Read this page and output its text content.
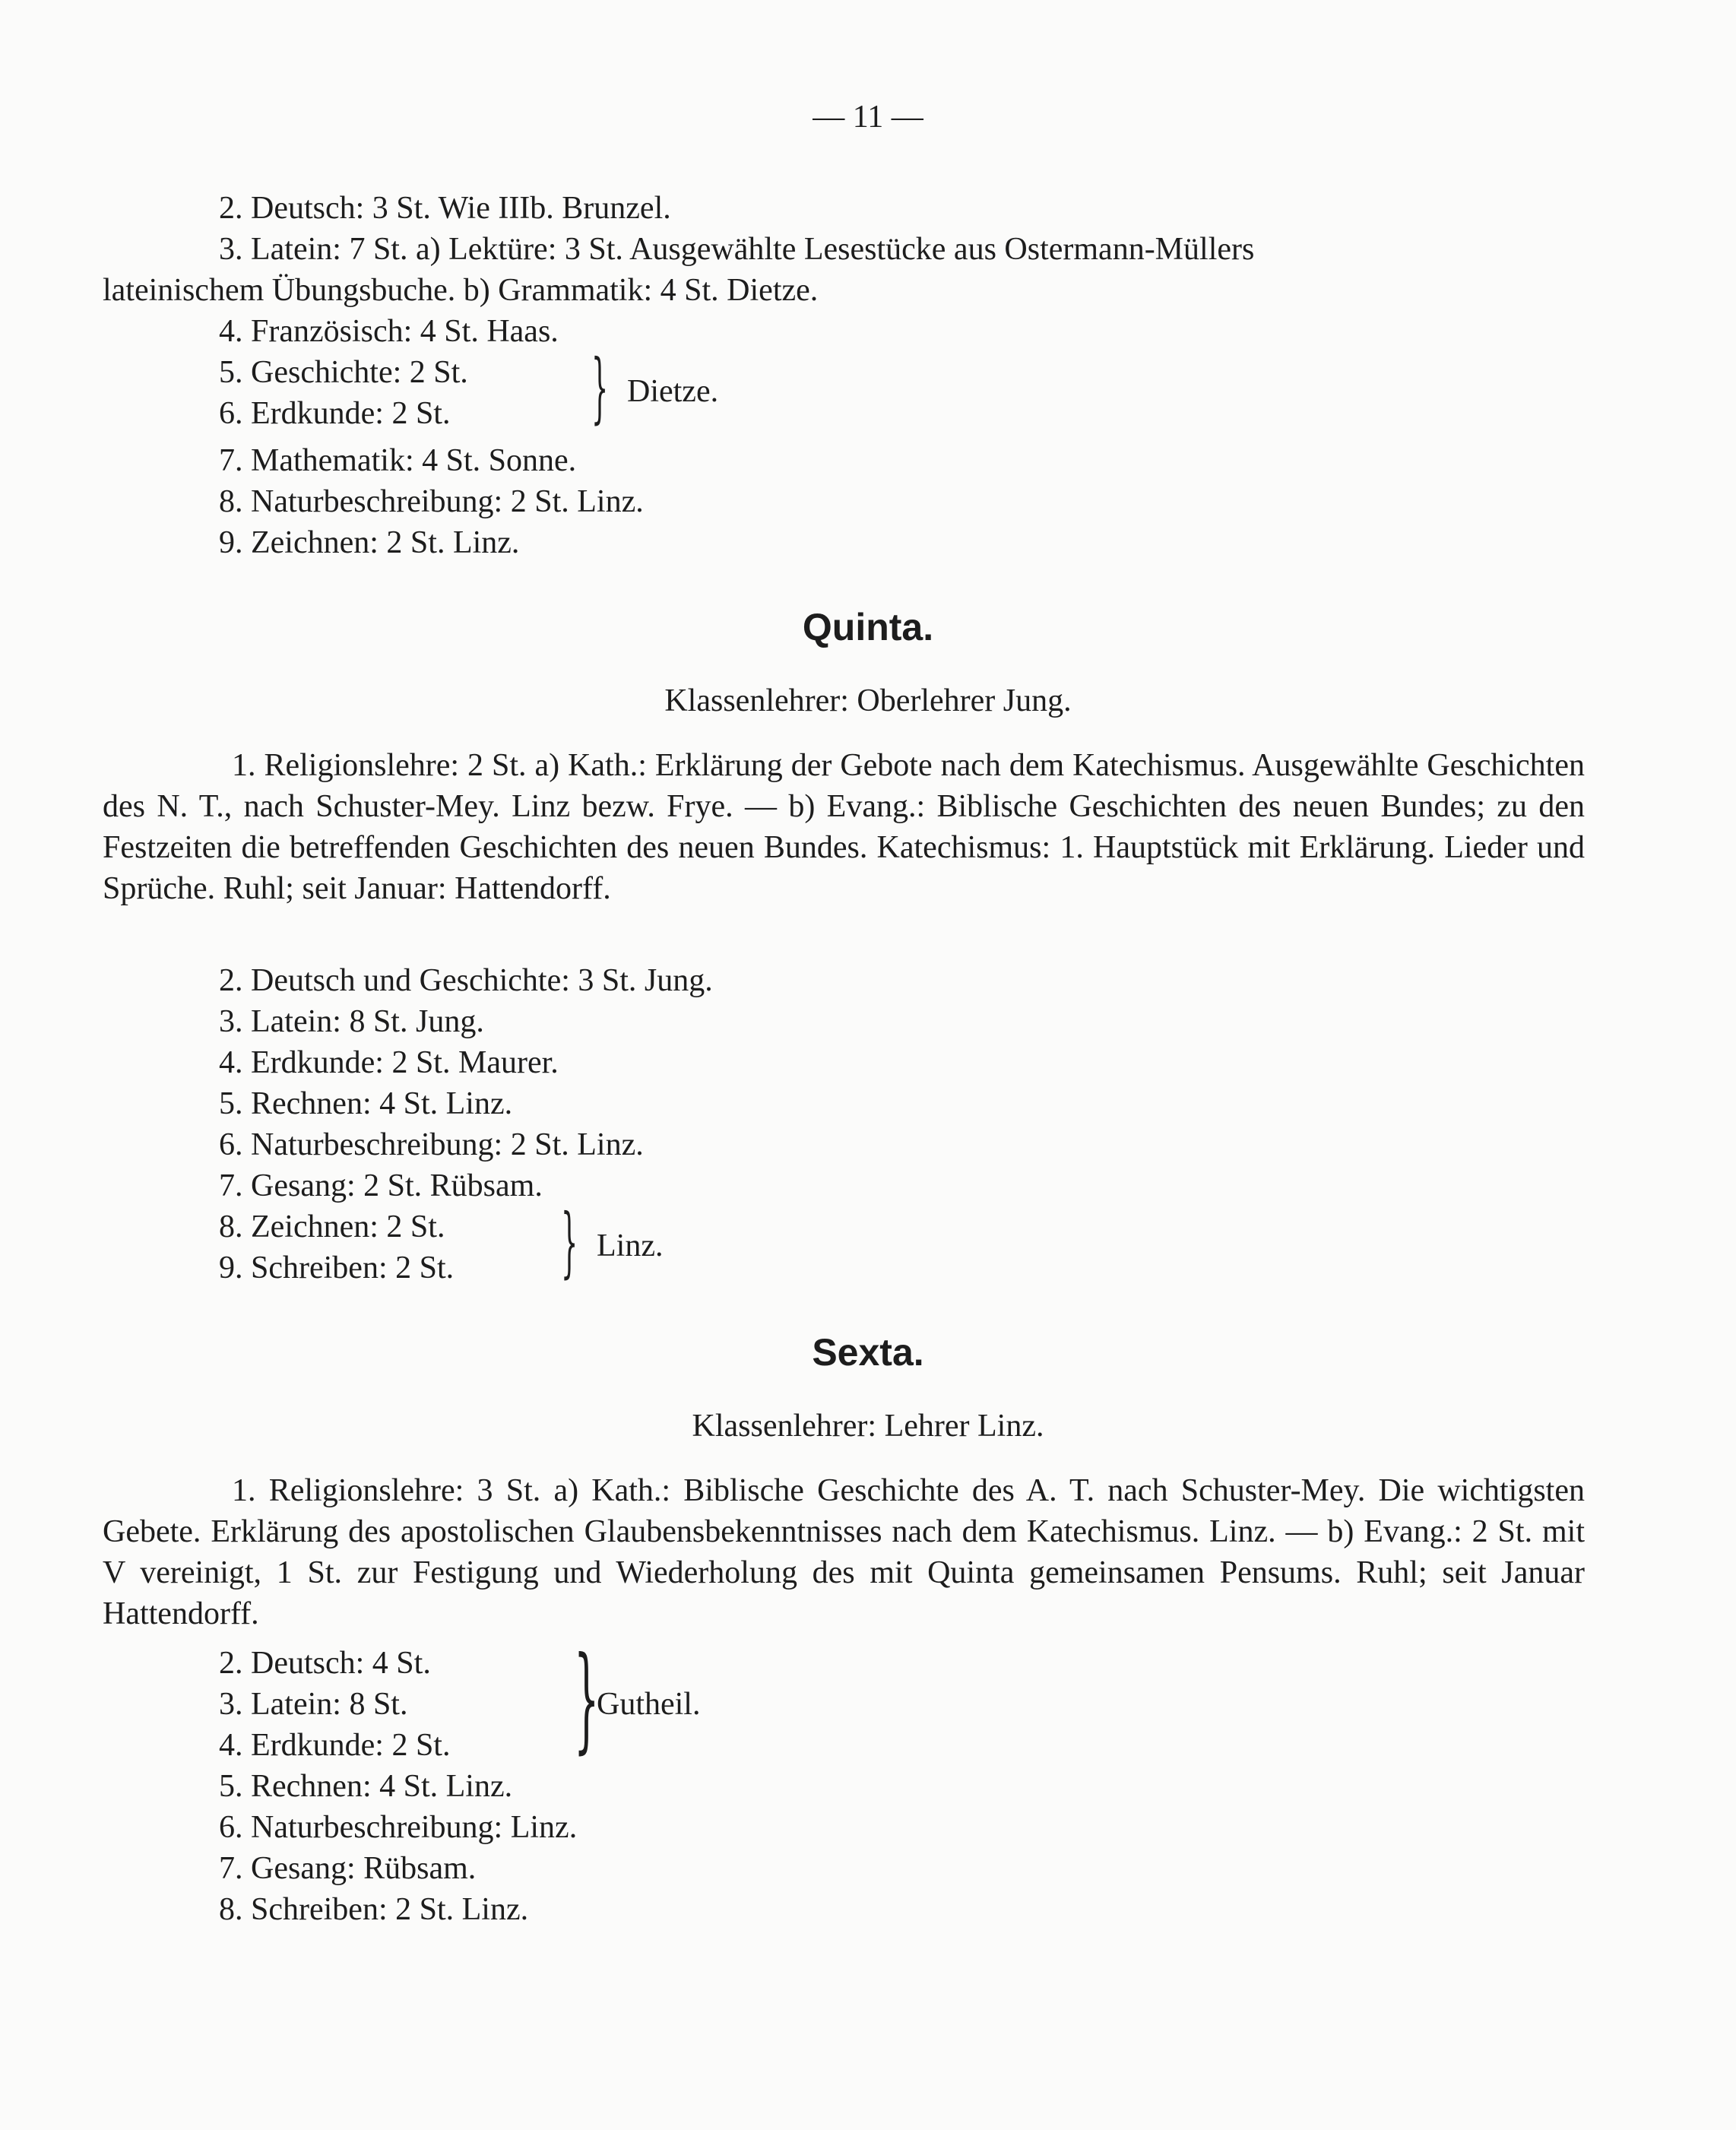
— 11 —
2. Deutsch: 3 St. Wie IIIb. Brunzel.
3. Latein: 7 St. a) Lektüre: 3 St. Ausgewählte Lesestücke aus Ostermann-Müllers
lateinischem Übungsbuche. b) Grammatik: 4 St. Dietze.
4. Französisch: 4 St. Haas.
5. Geschichte: 2 St.
6. Erdkunde: 2 St. } Dietze.
7. Mathematik: 4 St. Sonne.
8. Naturbeschreibung: 2 St. Linz.
9. Zeichnen: 2 St. Linz.
Quinta.
Klassenlehrer: Oberlehrer Jung.
1. Religionslehre: 2 St. a) Kath.: Erklärung der Gebote nach dem Katechismus. Ausgewählte Geschichten des N. T., nach Schuster-Mey. Linz bezw. Frye. — b) Evang.: Biblische Geschichten des neuen Bundes; zu den Festzeiten die betreffenden Geschichten des neuen Bundes. Katechismus: 1. Hauptstück mit Erklärung. Lieder und Sprüche. Ruhl; seit Januar: Hattendorff.
2. Deutsch und Geschichte: 3 St. Jung.
3. Latein: 8 St. Jung.
4. Erdkunde: 2 St. Maurer.
5. Rechnen: 4 St. Linz.
6. Naturbeschreibung: 2 St. Linz.
7. Gesang: 2 St. Rübsam.
8. Zeichnen: 2 St.
9. Schreiben: 2 St. } Linz.
Sexta.
Klassenlehrer: Lehrer Linz.
1. Religionslehre: 3 St. a) Kath.: Biblische Geschichte des A. T. nach Schuster-Mey. Die wichtigsten Gebete. Erklärung des apostolischen Glaubensbekenntnisses nach dem Katechismus. Linz. — b) Evang.: 2 St. mit V vereinigt, 1 St. zur Festigung und Wiederholung des mit Quinta gemeinsamen Pensums. Ruhl; seit Januar Hattendorff.
2. Deutsch: 4 St.
3. Latein: 8 St.
4. Erdkunde: 2 St. }
Gutheil.
5. Rechnen: 4 St. Linz.
6. Naturbeschreibung: Linz.
7. Gesang: Rübsam.
8. Schreiben: 2 St. Linz.
